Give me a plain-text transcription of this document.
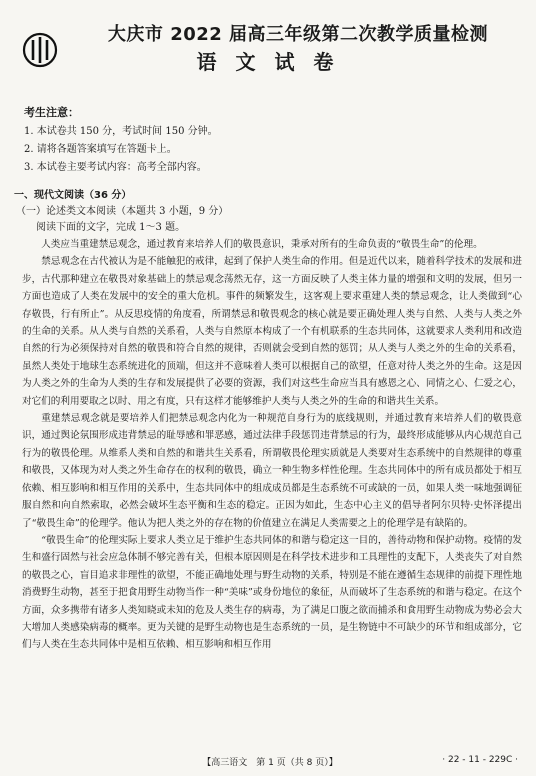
大庆市 2022 届高三年级第二次教学质量检测
语 文 试 卷
考生注意：
1. 本试卷共 150 分，考试时间 150 分钟。
2. 请将各题答案填写在答题卡上。
3. 本试卷主要考试内容：高考全部内容。
一、现代文阅读（36 分）
（一）论述类文本阅读（本题共 3 小题，9 分）
阅读下面的文字，完成 1～3 题。

人类应当重建禁忌观念，通过教育来培养人们的敬畏意识，秉承对所有的生命负责的“敬畏生命”的伦理。

禁忌观念在古代被认为是不能触犯的戒律，起到了保护人类生命的作用。但是近代以来，随着科学技术的发展和进步，古代那种建立在敬畏对象基础上的禁忌观念荡然无存，这一方面反映了人类主体力量的增强和文明的发展，但另一方面也造成了人类在发展中的安全的重大危机。事件的频繁发生，这客观上要求重建人类的禁忌观念，让人类做到“心存敬畏，行有所止”。从反思疫情的角度看，所谓禁忌和敬畏观念的核心就是要正确处理人类与自然、人类与人类之外的生命的关系。从人类与自然的关系看，人类与自然原本构成了一个有机联系的生态共同体，这就要求人类利用和改造自然的行为必须保持对自然的敬畏和符合自然的规律，否则就会受到自然的惩罚；从人类与人类之外的生命的关系看，虽然人类处于地球生态系统进化的顶端，但这并不意味着人类可以根据自己的欲望，任意对待人类之外的生命。这是因为人类之外的生命为人类的生存和发展提供了必要的资源，我们对这些生命应当具有感恩之心、同情之心、仁爱之心，对它们的利用要取之以时、用之有度，只有这样才能够维护人类与人类之外的生命的和谐共生关系。

重建禁忌观念就是要培养人们把禁忌观念内化为一种规范自身行为的底线规则，并通过教育来培养人们的敬畏意识，通过舆论氛围形成违背禁忌的耻辱感和罪恶感，通过法律手段惩罚违背禁忌的行为，最终形成能够从内心规范自己行为的敬畏伦理。从维系人类和自然的和谐共生关系看，所谓敬畏伦理实质就是人类要对生态系统中的自然规律的尊重和敬畏，又体现为对人类之外生命存在的权利的敬畏，确立一种生物多样性伦理。生态共同体中的所有成员都处于相互依赖、相互影响和相互作用的关系中，生态共同体中的组成成员都是生态系统不可或缺的一员，如果人类一味地强调征服自然和向自然索取，必然会破坏生态平衡和生态的稳定。正因为如此，生态中心主义的倡导者阿尔贝特·史怀泽提出了“敬畏生命”的伦理学。他认为把人类之外的存在物的价值建立在满足人类需要之上的伦理学是有缺陷的。

“敬畏生命”的伦理实际上要求人类立足于维护生态共同体的和谐与稳定这一目的，善待动物和保护动物。疫情的发生和盛行固然与社会应急体制不够完善有关，但根本原因则是在科学技术进步和工具理性的支配下，人类丧失了对自然的敬畏之心，盲目追求非理性的欲望，不能正确地处理与野生动物的关系，特别是不能在遵循生态规律的前提下理性地消费野生动物，甚至于把食用野生动物当作一种“美味”或身份地位的象征，从而破坏了生态系统的和谐与稳定。在这个方面，众多携带有诸多人类知晓或未知的危及人类生存的病毒，为了满足口腹之欲而捕杀和食用野生动物成为势必会大大增加人类感染病毒的概率。更为关键的是野生动物也是生态系统的一员，是生物链中不可缺少的环节和组成部分，它们与人类在生态共同体中是相互依赖、相互影响和相互作用

【高三语文　第 1 页（共 8 页）】	· 22 - 11 - 229C ·
